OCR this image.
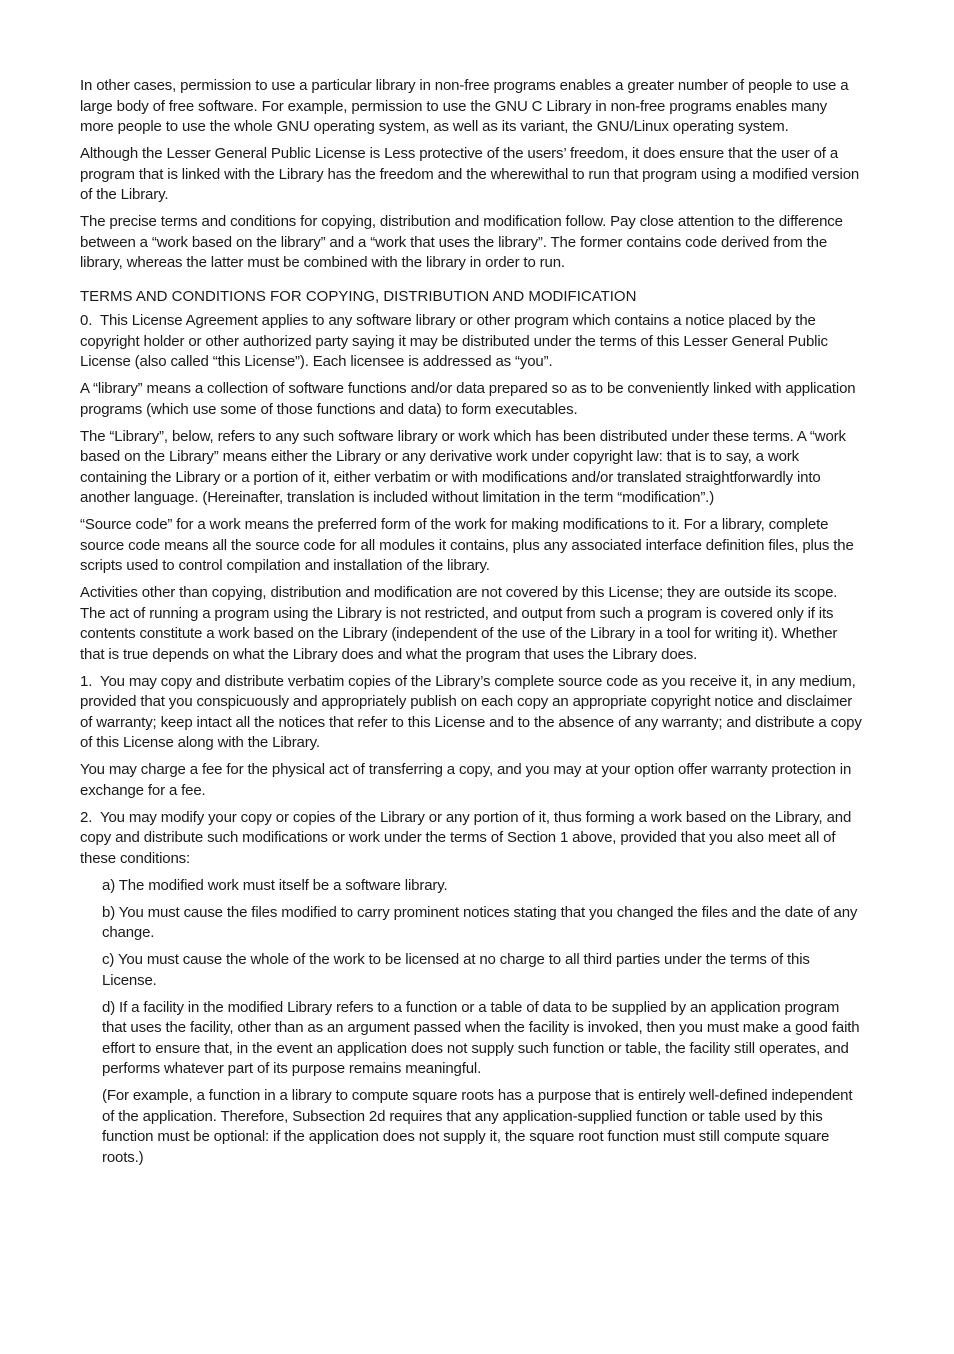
In other cases, permission to use a particular library in non-free programs enables a greater number of people to use a large body of free software. For example, permission to use the GNU C Library in non-free programs enables many more people to use the whole GNU operating system, as well as its variant, the GNU/Linux operating system.

Although the Lesser General Public License is Less protective of the users’ freedom, it does ensure that the user of a program that is linked with the Library has the freedom and the wherewithal to run that program using a modified version of the Library.

The precise terms and conditions for copying, distribution and modification follow. Pay close attention to the difference between a “work based on the library” and a “work that uses the library”. The former contains code derived from the library, whereas the latter must be combined with the library in order to run.

TERMS AND CONDITIONS FOR COPYING, DISTRIBUTION AND MODIFICATION

0.  This License Agreement applies to any software library or other program which contains a notice placed by the copyright holder or other authorized party saying it may be distributed under the terms of this Lesser General Public License (also called “this License”). Each licensee is addressed as “you”.

A “library” means a collection of software functions and/or data prepared so as to be conveniently linked with application programs (which use some of those functions and data) to form executables.

The “Library”, below, refers to any such software library or work which has been distributed under these terms. A “work based on the Library” means either the Library or any derivative work under copyright law: that is to say, a work containing the Library or a portion of it, either verbatim or with modifications and/or translated straightforwardly into another language. (Hereinafter, translation is included without limitation in the term “modification”.)

“Source code” for a work means the preferred form of the work for making modifications to it. For a library, complete source code means all the source code for all modules it contains, plus any associated interface definition files, plus the scripts used to control compilation and installation of the library.

Activities other than copying, distribution and modification are not covered by this License; they are outside its scope. The act of running a program using the Library is not restricted, and output from such a program is covered only if its contents constitute a work based on the Library (independent of the use of the Library in a tool for writing it). Whether that is true depends on what the Library does and what the program that uses the Library does.

1.  You may copy and distribute verbatim copies of the Library’s complete source code as you receive it, in any medium, provided that you conspicuously and appropriately publish on each copy an appropriate copyright notice and disclaimer of warranty; keep intact all the notices that refer to this License and to the absence of any warranty; and distribute a copy of this License along with the Library.

You may charge a fee for the physical act of transferring a copy, and you may at your option offer warranty protection in exchange for a fee.

2.  You may modify your copy or copies of the Library or any portion of it, thus forming a work based on the Library, and copy and distribute such modifications or work under the terms of Section 1 above, provided that you also meet all of these conditions:

a) The modified work must itself be a software library.

b) You must cause the files modified to carry prominent notices stating that you changed the files and the date of any change.

c) You must cause the whole of the work to be licensed at no charge to all third parties under the terms of this License.

d) If a facility in the modified Library refers to a function or a table of data to be supplied by an application program that uses the facility, other than as an argument passed when the facility is invoked, then you must make a good faith effort to ensure that, in the event an application does not supply such function or table, the facility still operates, and performs whatever part of its purpose remains meaningful.

(For example, a function in a library to compute square roots has a purpose that is entirely well-defined independent of the application. Therefore, Subsection 2d requires that any application-supplied function or table used by this function must be optional: if the application does not supply it, the square root function must still compute square roots.)
